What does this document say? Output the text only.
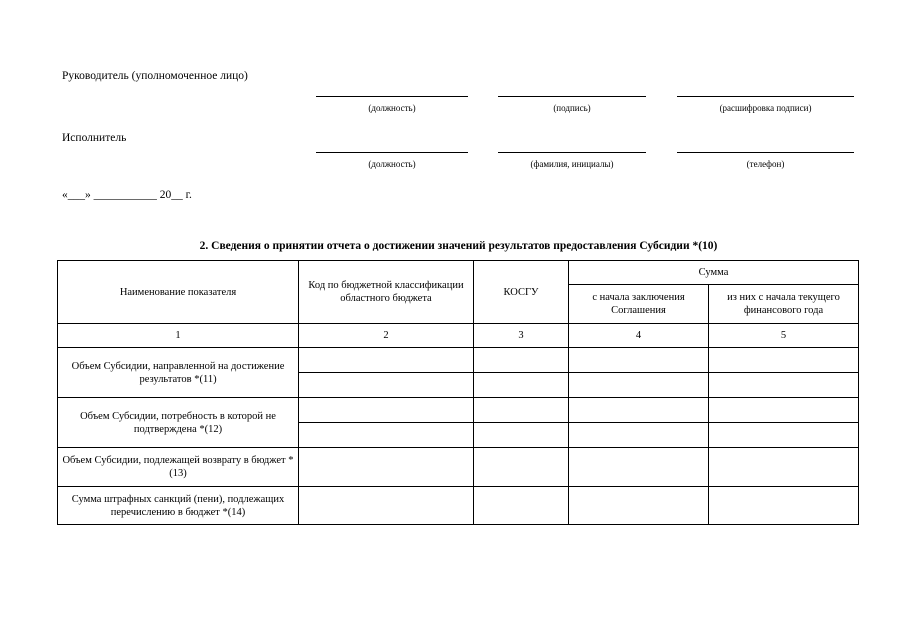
Руководитель (уполномоченное лицо)
(должность)	(подпись)	(расшифровка подписи)
Исполнитель
(должность)	(фамилия, инициалы)	(телефон)
«___» ___________ 20__ г.
2. Сведения о принятии отчета о достижении значений результатов предоставления Субсидии *(10)
Наименование показателя	Код по бюджетной классификации областного бюджета	КОСГУ	Сумма	
			с начала заключения Соглашения	из них с начала текущего финансового года
1	2	3	4	5
Объем Субсидии, направленной на достижение результатов *(11)				

Объем Субсидии, потребность в которой не подтверждена *(12)				

Объем Субсидии, подлежащей возврату в бюджет *(13)				
Сумма штрафных санкций (пени), подлежащих перечислению в бюджет *(14)				
